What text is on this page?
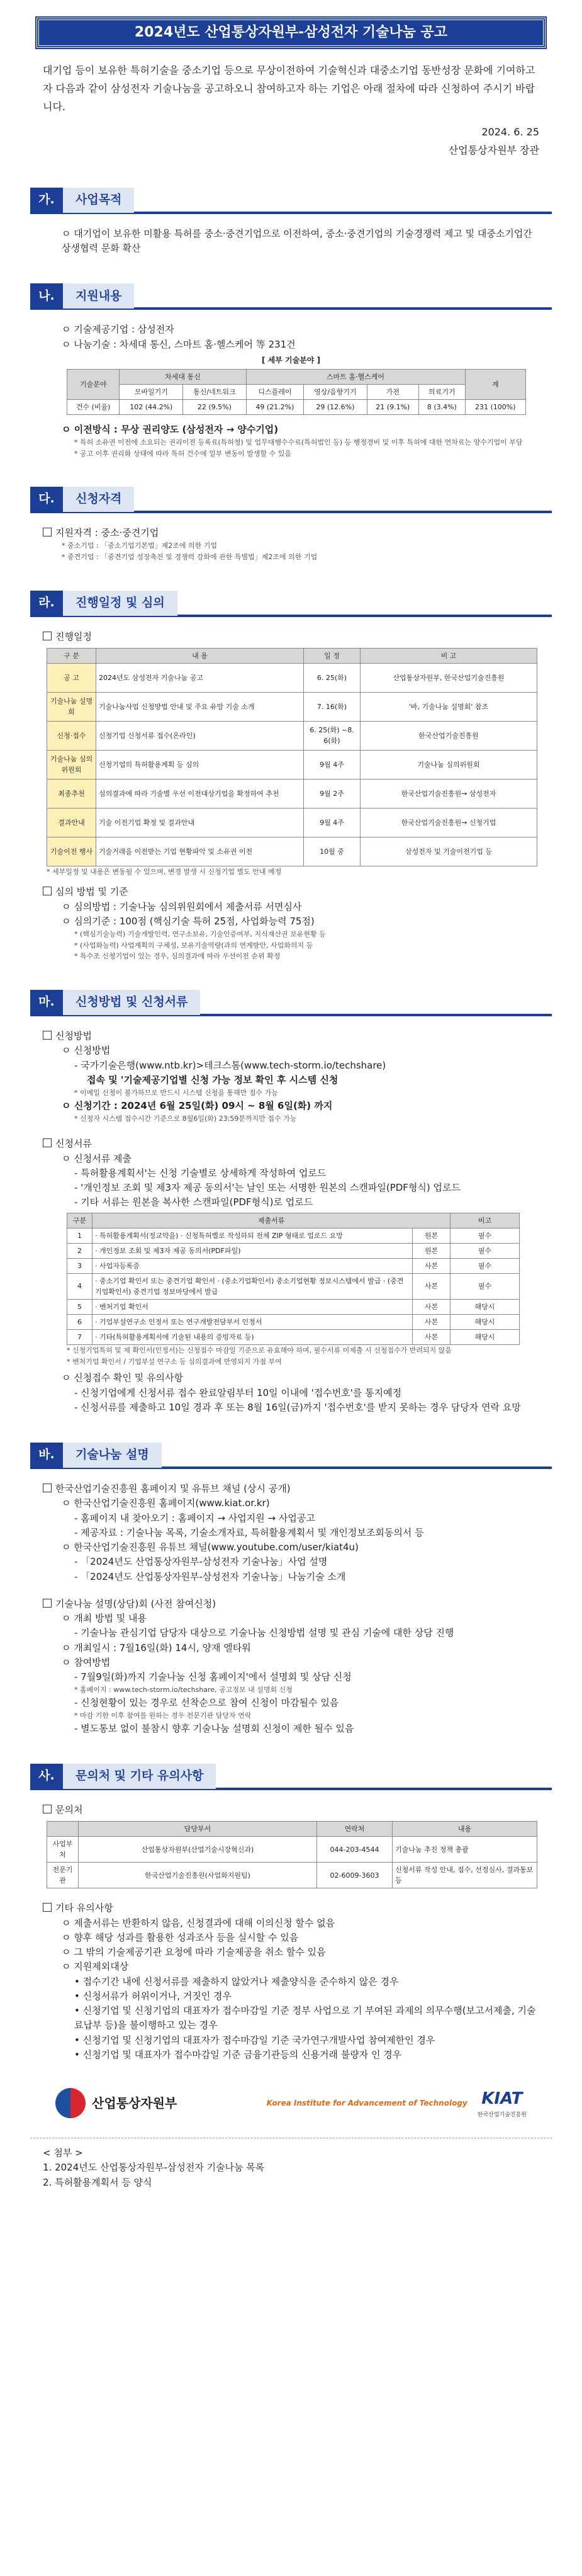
2024년도 산업통상자원부-삼성전자 기술나눔 공고
대기업 등이 보유한 특허기술을 중소기업 등으로 무상이전하여 기술혁신과 대중소기업 동반성장 문화에 기여하고자 다음과 같이 삼성전자 기술나눔을 공고하오니 참여하고자 하는 기업은 아래 절차에 따라 신청하여 주시기 바랍니다.
2024. 6. 25
산업통상자원부 장관
가.	사업목적
ㅇ 대기업이 보유한 미활용 특허를 중소·중견기업으로 이전하여, 중소·중견기업의 기술경쟁력 제고 및 대중소기업간 상생협력 문화 확산
나.	지원내용
ㅇ 기술제공기업 : 삼성전자
ㅇ 나눔기술 : 차세대 통신, 스마트 홈·헬스케어 等 231건
[ 세부 기술분야 ]
기술분야	차세대 통신		스마트 홈·헬스케어				계
	모바일기기	통신/네트워크	디스플레이	영상/음향기기	가전	의료기기	
건수 (비율)	102 (44.2%)	22 (9.5%)	49 (21.2%)	29 (12.6%)	21 (9.1%)	8 (3.4%)	231 (100%)
ㅇ 이전방식 : 무상 권리양도 (삼성전자 → 양수기업)
* 특허 소유권 이전에 소요되는 권리이전 등록료(특허청) 및 업무대행수수료(특허법인 등) 등 행정경비 및 이후 특허에 대한 연차료는 양수기업이 부담
* 공고 이후 권리화 상태에 따라 특허 건수에 일부 변동이 발생할 수 있음
다.	신청자격
지원자격 : 중소·중견기업
* 중소기업 : 「중소기업기본법」제2조에 의한 기업
* 중견기업 : 「중견기업 성장촉진 및 경쟁력 강화에 관한 특별법」제2조에 의한 기업
라.	진행일정 및 심의
진행일정
구 분	내 용	일 정	비 고
공 고	2024년도 삼성전자 기술나눔 공고	6. 25(화)	산업통상자원부, 한국산업기술진흥원
기술나눔 설명회	기술나눔사업 신청방법 안내 및 주요 유망 기술 소개	7. 16(화)	'바, 기술나눔 설명회' 참조
신청·접수	신청기업 신청서류 접수(온라인)	6. 25(화) ~8. 6(화)	한국산업기술진흥원
기술나눔 심의위원회	신청기업의 특허활용계획 등 심의	9월 4주	기술나눔 심의위원회
최종추천	심의결과에 따라 기술별 우선 이전대상기업을 확정하여 추천	9월 2주	한국산업기술진흥원→ 삼성전자
결과안내	기술 이전기업 확정 및 결과안내	9월 4주	한국산업기술진흥원→ 신청기업
기술이전 행사	기술거래을 이전받는 기업 현황파악 및 소유권 이전	10월 중	삼성전자 및 기술이전기업 등
* 세부일정 및 내용은 변동될 수 있으며, 변경 발생 시 신청기업 별도 안내 예정
심의 방법 및 기준
ㅇ 심의방법 : 기술나눔 심의위원회에서 제출서류 서면심사
ㅇ 심의기준 : 100점 (핵심기술 특허 25점, 사업화능력 75점)
* (핵심기술능력) 기술개발인력, 연구소보유, 기술인증여부, 지식재산권 보유현황 등
* (사업화능력) 사업계획의 구체성, 보유기술역량(과의 연계방안, 사업화의지 등
* 특수조 신청기업이 있는 경우, 심의결과에 따라 우선이전 순위 확정
마.	신청방법 및 신청서류
신청방법
ㅇ 신청방법
- 국가기술은행(www.ntb.kr)>테크스톰(www.tech-storm.io/techshare)
접속 및 '기술제공기업별 신청 가능 정보 확인 후 시스템 신청
* 이메일 신청이 불가하므로 반드시 시스템 신청을 통해만 접수 가능
ㅇ 신청기간 : 2024년 6월 25일(화) 09시 ~ 8월 6일(화) 까지
* 신청자 시스템 접수시간 기준으로 8월6일(화) 23:59분까지만 접수 가능
신청서류
ㅇ 신청서류 제출
- 특허활용계획서'는 신청 기술별로 상세하게 작성하여 업로드
- '개인정보 조회 및 제3자 제공 동의서'는 날인 또는 서명한 원본의 스캔파일(PDF형식) 업로드
- 기타 서류는 원본을 복사한 스캔파일(PDF형식)로 업로드
구분	제출서류		비고
1	· 특허활용계획서(정교약을) · 신청특허별로 작성하되 전체 ZIP 형태로 업로드 요망	원본	필수
2	· 개인정보 조회 및 제3자 제공 동의서(PDF파일)	원본	필수
3	· 사업자등록증	사본	필수
4	· 중소기업 확인서 또는 중견기업 확인서 · (중소기업확인서) 중소기업현황 정보시스템에서 발급 · (중견기업확인서) 중견기업 정보마당에서 발급	사본	필수
5	· 벤처기업 확인서	사본	해당시
6	· 기업부설연구소 인정서 또는 연구개발전담부서 인정서	사본	해당시
7	· 기타(특허활용계획서에 기술된 내용의 증빙자료 등)	사본	해당시
* 신청기업특허 및 제 확인서(인정서)는 신청접수 마감일 기준으로 유효해야 하며, 필수서류 미제출 시 신청접수가 반려되지 않음
* 벤처기업 확인서 / 기업부설 연구소 등 심의결과에 반영되지 가점 부여
ㅇ 신청접수 확인 및 유의사항
- 신청기업에게 신청서류 접수 완료알림부터 10일 이내에 '접수번호'를 통지예정
- 신청서류를 제출하고 10일 경과 후 또는 8월 16일(금)까지 '접수번호'를 받지 못하는 경우 담당자 연락 요망
바.	기술나눔 설명
한국산업기술진흥원 홈페이지 및 유튜브 채널 (상시 공개)
ㅇ 한국산업기술진흥원 홈페이지(www.kiat.or.kr)
- 홈페이지 내 찾아오기 : 홈페이지 → 사업지원 → 사업공고
- 제공자료 : 기술나눔 목록, 기술소개자료, 특허활용계획서 및 개인정보조회동의서 등
ㅇ 한국산업기술진흥원 유튜브 채널(www.youtube.com/user/kiat4u)
- 「2024년도 산업통상자원부-삼성전자 기술나눔」사업 설명
- 「2024년도 산업통상자원부-삼성전자 기술나눔」나눔기술 소개
기술나눔 설명(상담)회 (사전 참여신청)
ㅇ 개최 방법 및 내용
- 기술나눔 관심기업 담당자 대상으로 기술나눔 신청방법 설명 및 관심 기술에 대한 상담 진행
ㅇ 개최일시 : 7월16일(화) 14시, 양재 엘타워
ㅇ 참여방법
- 7월9일(화)까지 기술나눔 신청 홈페이지'에서 설명회 및 상담 신청
* 홈페이지 : www.tech-storm.io/techshare, 공고정보 내 설명회 신청
- 신청현황이 있는 경우로 선착순으로 참여 신청이 마감될수 있음
* 마감 기한 이후 참여를 원하는 경우 전문기관 담당자 연락
- 별도통보 없이 불참시 향후 기술나눔 설명회 신청이 제한 될수 있음
사.	문의처 및 기타 유의사항
문의처
	담당부서	연락처	내용
사업부처	산업통상자원부(산업기술시장혁신과)	044-203-4544	기술나눔 추진 정책 총괄
전문기관	한국산업기술진흥원(사업화지원팀)	02-6009-3603	신청서류 작성 안내, 접수, 선정심사, 결과통보 등
기타 유의사항
ㅇ 제출서류는 반환하지 않음, 신청결과에 대해 이의신청 할수 없음
ㅇ 향후 해당 성과를 활용한 성과조사 등을 실시할 수 있음
ㅇ 그 밖의 기술제공기관 요청에 따라 기술제공을 취소 할수 있음
ㅇ 지원제외대상
• 접수기간 내에 신청서류를 제출하지 않았거나 제출양식을 준수하지 않은 경우
• 신청서류가 허위이거나, 거짓인 경우
• 신청기업 및 신청기업의 대표자가 접수마감일 기준 정부 사업으로 기 부여된 과제의 의무수행(보고서제출, 기술료납부 등)을 불이행하고 있는 경우
• 신청기업 및 신청기업의 대표자가 접수마감일 기준 국가연구개발사업 참여제한인 경우
• 신청기업 및 대표자가 접수마감일 기준 금융기관등의 신용거래 불량자 인 경우
산업통상자원부	Korea Institute for Advancement of Technology KIAT
한국산업기술진흥원
< 첨부 >
1. 2024년도 산업통상자원부-삼성전자 기술나눔 목록
2. 특허활용계획서 등 양식
